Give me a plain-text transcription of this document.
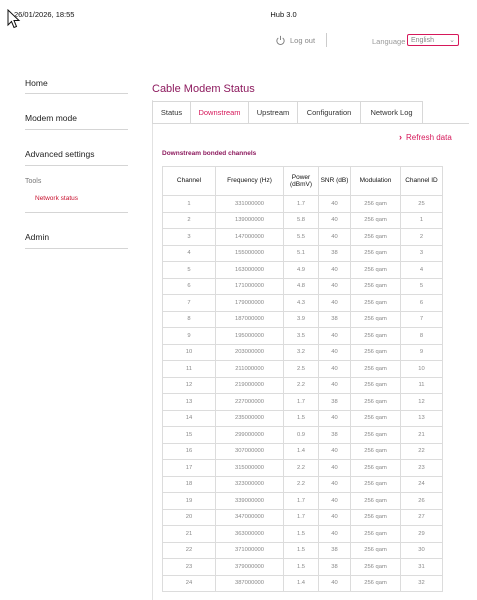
26/01/2026, 18:55	Hub 3.0
Log out	Language English ⌄
Home
Modem mode
Advanced settings
Tools
Network status
Admin
Cable Modem Status
Status	Downstream	Upstream	Configuration	Network Log
› Refresh data
Downstream bonded channels
Channel	Frequency (Hz)	Power (dBmV)	SNR (dB)	Modulation	Channel ID
1	331000000	1.7	40	256 qam	25
2	139000000	5.8	40	256 qam	1
3	147000000	5.5	40	256 qam	2
4	155000000	5.1	38	256 qam	3
5	163000000	4.9	40	256 qam	4
6	171000000	4.8	40	256 qam	5
7	179000000	4.3	40	256 qam	6
8	187000000	3.9	38	256 qam	7
9	195000000	3.5	40	256 qam	8
10	203000000	3.2	40	256 qam	9
11	211000000	2.5	40	256 qam	10
12	219000000	2.2	40	256 qam	11
13	227000000	1.7	38	256 qam	12
14	235000000	1.5	40	256 qam	13
15	299000000	0.9	38	256 qam	21
16	307000000	1.4	40	256 qam	22
17	315000000	2.2	40	256 qam	23
18	323000000	2.2	40	256 qam	24
19	339000000	1.7	40	256 qam	26
20	347000000	1.7	40	256 qam	27
21	363000000	1.5	40	256 qam	29
22	371000000	1.5	38	256 qam	30
23	379000000	1.5	38	256 qam	31
24	387000000	1.4	40	256 qam	32
